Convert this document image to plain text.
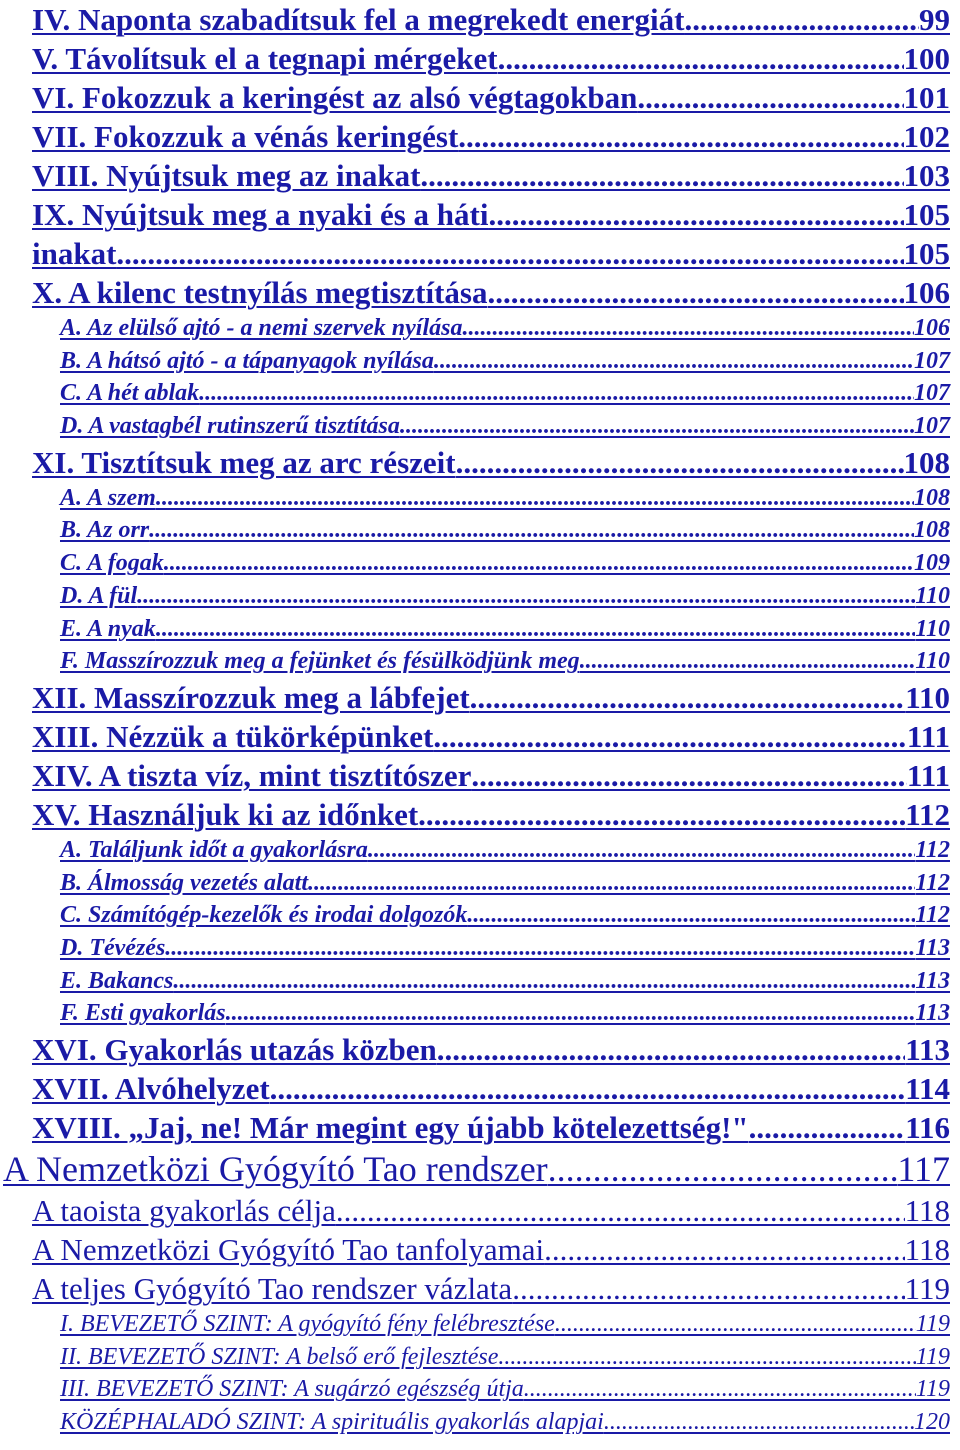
IV. Naponta szabadítsuk fel a megrekedt energiát .....	99
V. Távolítsuk el a tegnapi mérgeket .....	100
VI. Fokozzuk a keringést az alsó végtagokban .....	101
VII. Fokozzuk a vénás keringést .....	102
VIII. Nyújtsuk meg az inakat .....	103
IX. Nyújtsuk meg a nyaki és a háti .....	105
inakat .....	105
X. A kilenc testnyílás megtisztítása .....	106
A. Az elülső ajtó - a nemi szervek nyílása .....	106
B. A hátsó ajtó - a tápanyagok nyílása .....	107
C. A hét ablak .....	107
D. A vastagbél rutinszerű tisztítása .....	107
XI. Tisztítsuk meg az arc részeit .....	108
A. A szem .....	108
B. Az orr .....	108
C. A fogak .....	109
D. A fül .....	110
E. A nyak .....	110
F. Masszírozzuk meg a fejünket és fésülködjünk meg .....	110
XII. Masszírozzuk meg a lábfejet .....	110
XIII. Nézzük a tükörképünket .....	111
XIV. A tiszta víz, mint tisztítószer .....	111
XV. Használjuk ki az időnket .....	112
A. Találjunk időt a gyakorlásra .....	112
B. Álmosság vezetés alatt .....	112
C. Számítógép-kezelők és irodai dolgozók .....	112
D. Tévézés .....	113
E. Bakancs .....	113
F. Esti gyakorlás .....	113
XVI. Gyakorlás utazás közben .....	113
XVII. Alvóhelyzet .....	114
XVIII. „Jaj, ne! Már megint egy újabb kötelezettség!" .....	116
A Nemzetközi Gyógyító Tao rendszer .....	117
A taoista gyakorlás célja .....	118
A Nemzetközi Gyógyító Tao tanfolyamai .....	118
A teljes Gyógyító Tao rendszer vázlata .....	119
I. BEVEZETŐ SZINT: A gyógyító fény felébresztése .....	119
II. BEVEZETŐ SZINT: A belső erő fejlesztése .....	119
III. BEVEZETŐ SZINT: A sugárzó egészség útja .....	119
KÖZÉPHALADÓ SZINT: A spirituális gyakorlás alapjai .....	120
